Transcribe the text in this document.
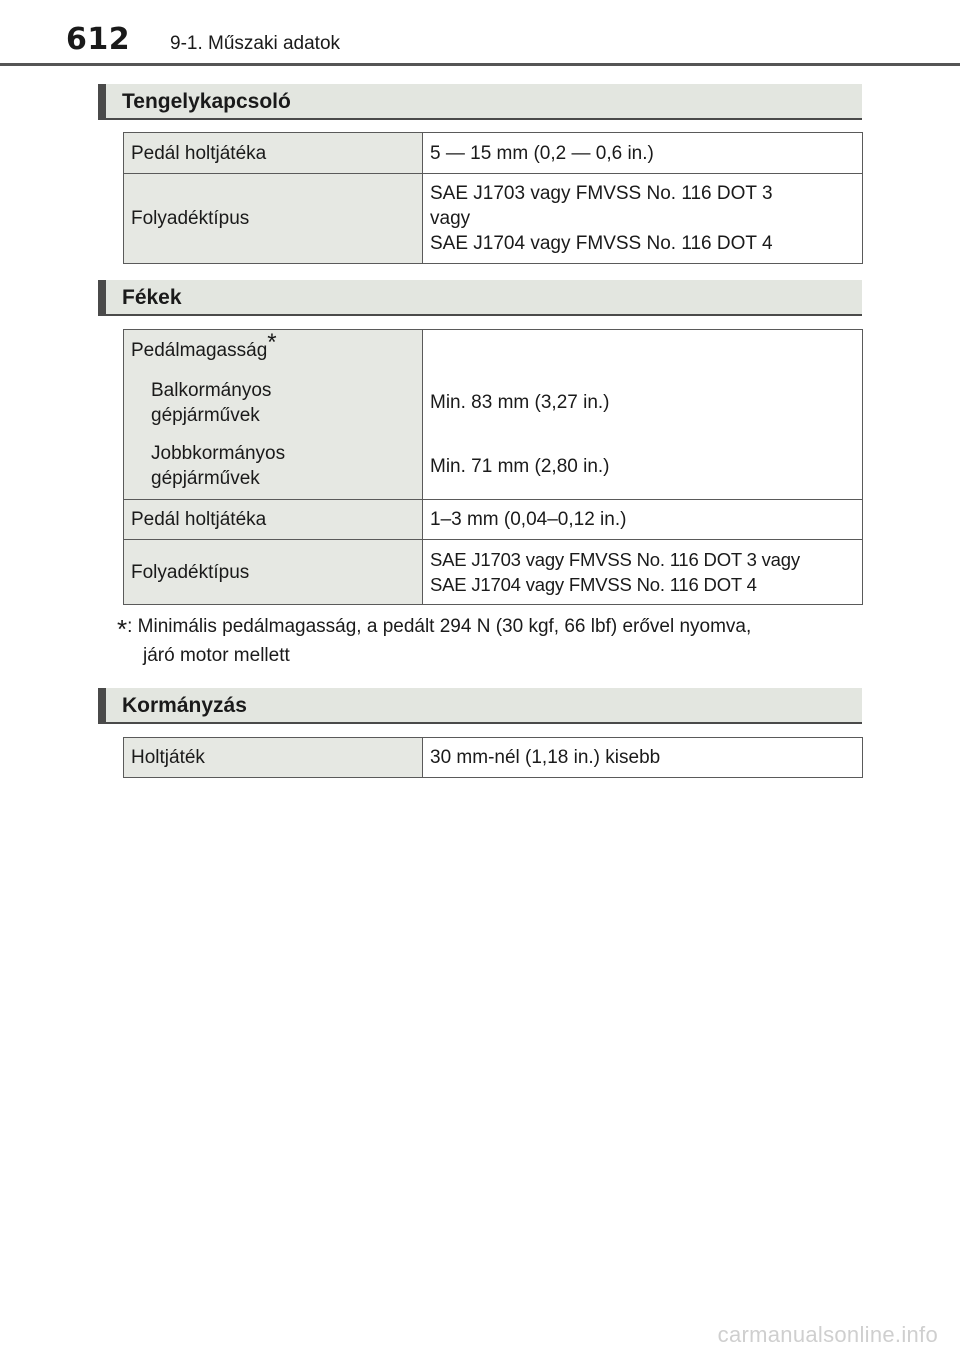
612 9-1. Műszaki adatok
Tengelykapcsoló
Pedál holtjátéka	5 — 15 mm (0,2 — 0,6 in.)
Folyadéktípus	SAE J1703 vagy FMVSS No. 116 DOT 3
vagy
SAE J1704 vagy FMVSS No. 116 DOT 4
Fékek
Pedálmagasság*	

Balkormányos
gépjárművek	Min. 83 mm (3,27 in.)

Jobbkormányos
gépjárművek	Min. 71 mm (2,80 in.)
Pedál holtjátéka	1–3 mm (0,04–0,12 in.)
Folyadéktípus	SAE J1703 vagy FMVSS No. 116 DOT 3 vagy
SAE J1704 vagy FMVSS No. 116 DOT 4
*: Minimális pedálmagasság, a pedált 294 N (30 kgf, 66 lbf) erővel nyomva,
járó motor mellett
Kormányzás
Holtjáték	30 mm-nél (1,18 in.) kisebb
carmanualsonline.info
